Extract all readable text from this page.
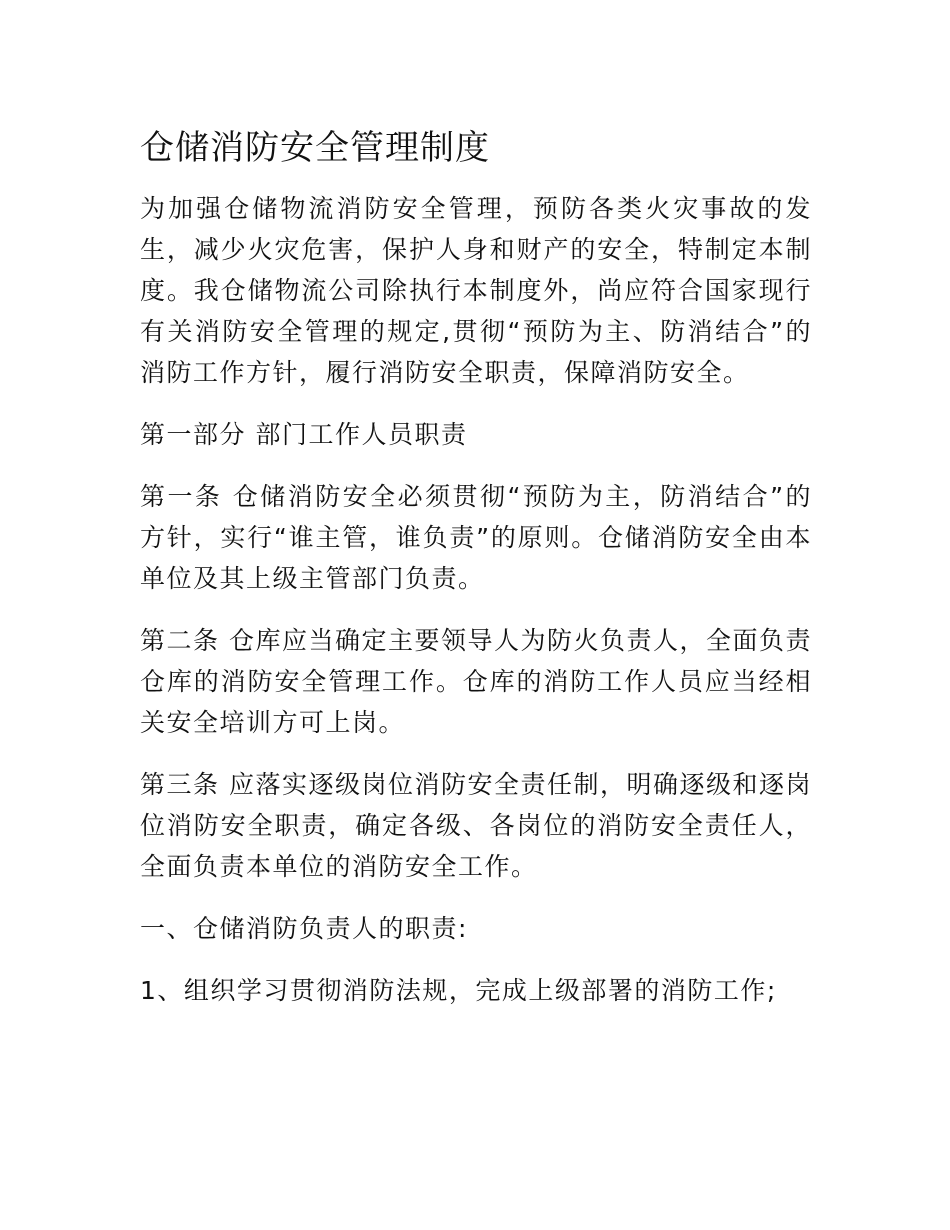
仓储消防安全管理制度

为加强仓储物流消防安全管理，预防各类火灾事故的发生，减少火灾危害，保护人身和财产的安全，特制定本制度。我仓储物流公司除执行本制度外，尚应符合国家现行有关消防安全管理的规定,贯彻“预防为主、防消结合”的消防工作方针，履行消防安全职责，保障消防安全。

第一部分 部门工作人员职责

第一条 仓储消防安全必须贯彻“预防为主，防消结合”的方针，实行“谁主管，谁负责”的原则。仓储消防安全由本单位及其上级主管部门负责。

第二条 仓库应当确定主要领导人为防火负责人，全面负责仓库的消防安全管理工作。仓库的消防工作人员应当经相关安全培训方可上岗。

第三条 应落实逐级岗位消防安全责任制，明确逐级和逐岗位消防安全职责，确定各级、各岗位的消防安全责任人，全面负责本单位的消防安全工作。

一、仓储消防负责人的职责:

1、组织学习贯彻消防法规，完成上级部署的消防工作;
